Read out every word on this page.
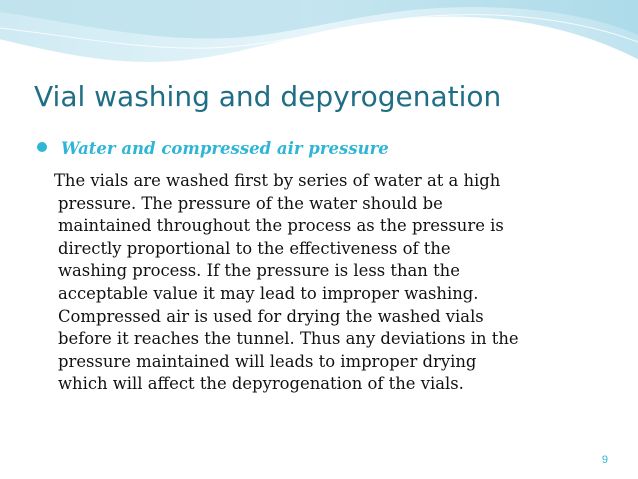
Vial washing and depyrogenation
Water and compressed air pressure
The vials are washed first by series of water at a high
pressure. The pressure of the water should be
maintained throughout the process as the pressure is
directly proportional to the effectiveness of the
washing process. If the pressure is less than the
acceptable value it may lead to improper washing.
Compressed air is used for drying the washed vials
before it reaches the tunnel. Thus any deviations in the
pressure maintained will leads to improper drying
which will affect the depyrogenation of the vials.
9
